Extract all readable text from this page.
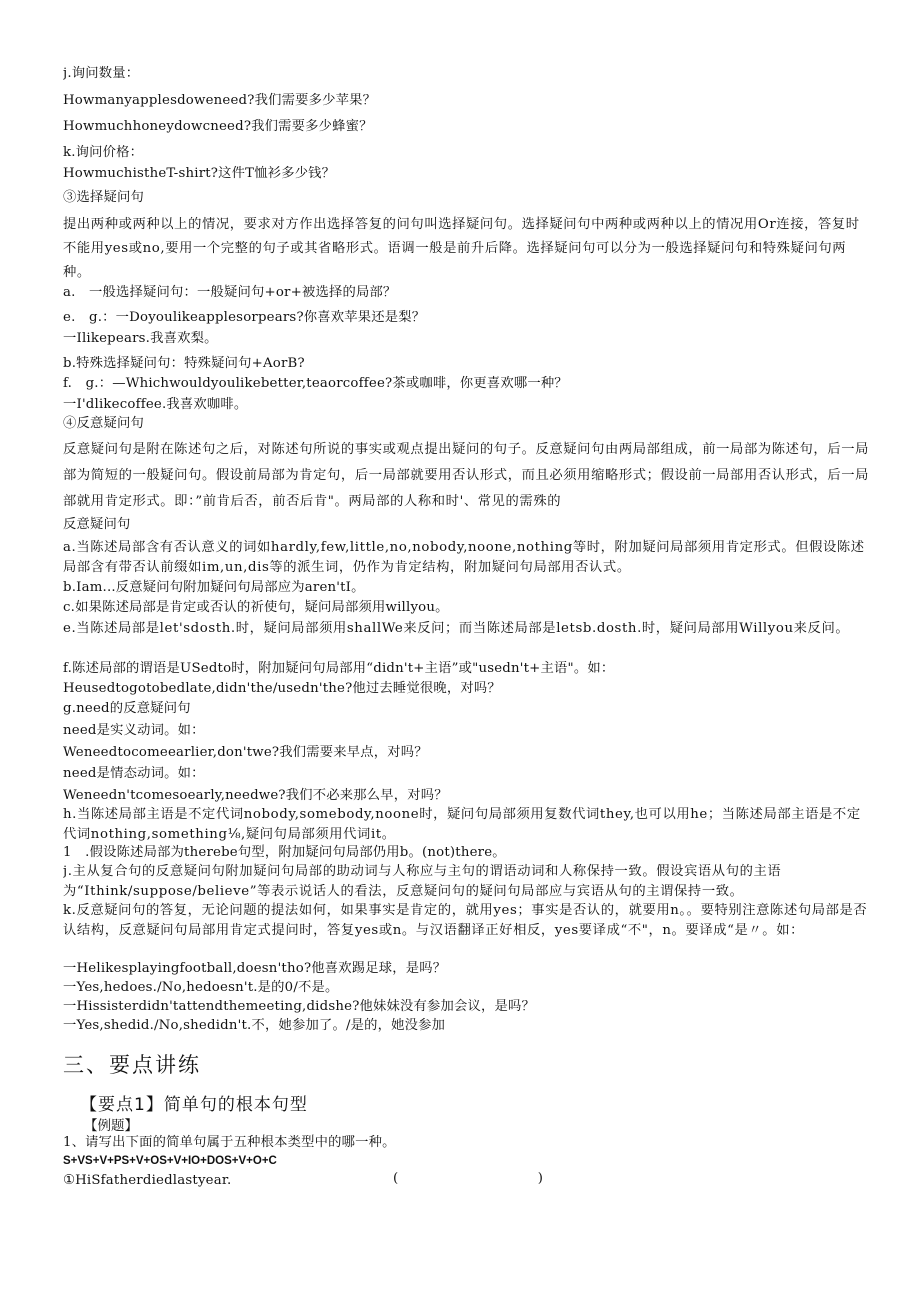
j.询问数量：
Howmanyapplesdoweneed?我们需要多少苹果？
Howmuchhoneydowcneed?我们需要多少蜂蜜？
k.询问价格：
HowmuchistheT-shirt?这件T恤衫多少钱？
③选择疑问句
提出两种或两种以上的情况，要求对方作出选择答复的问句叫选择疑问句。选择疑问句中两种或两种以上的情况用Or连接，答复时不能用yes或no,要用一个完整的句子或其省略形式。语调一般是前升后降。选择疑问句可以分为一般选择疑问句和特殊疑问句两种。
a.　一般选择疑问句：一般疑问句+or+被选择的局部？
e.　g.：一Doyoulikeapplesorpears?你喜欢苹果还是梨？
一Ilikepears.我喜欢梨。
b.特殊选择疑问句：特殊疑问句+AorB?
f.　g.：—Whichwouldyoulikebetter,teaorcoffee?茶或咖啡，你更喜欢哪一种？
一I'dlikecoffee.我喜欢咖啡。
④反意疑问句
反意疑问句是附在陈述句之后，对陈述句所说的事实或观点提出疑问的句子。反意疑问句由两局部组成，前一局部为陈述句，后一局部为简短的一般疑问句。假设前局部为肯定句，后一局部就要用否认形式，而且必须用缩略形式；假设前一局部用否认形式，后一局部就用肯定形式。即：”前肯后否，前否后肯"。两局部的人称和时'、常见的需殊的
反意疑问句
a.当陈述局部含有否认意义的词如hardly,few,little,no,nobody,noone,nothing等时，附加疑问局部须用肯定形式。但假设陈述局部含有带否认前缀如im,un,dis等的派生词，仍作为肯定结构，附加疑问句局部用否认式。
b.Iam...反意疑问句附加疑问句局部应为aren'tI。
c.如果陈述局部是肯定或否认的祈使句，疑问局部须用willyou。
e.当陈述局部是let'sdosth.时，疑问局部须用shallWe来反问；而当陈述局部是letsb.dosth.时，疑问局部用Willyou来反问。
f.陈述局部的谓语是USedto时，附加疑问句局部用“didn't+主语”或"usedn't+主语"。如：
Heusedtogotobedlate,didn'the/usedn'the?他过去睡觉很晚，对吗？
g.need的反意疑问句
need是实义动词。如：
Weneedtocomeearlier,don'twe?我们需要来早点，对吗？
need是情态动词。如：
Weneedn'tcomesoearly,needwe?我们不必来那么早，对吗？
h.当陈述局部主语是不定代词nobody,somebody,noone时，疑问句局部须用复数代词they,也可以用he；当陈述局部主语是不定代词nothing,something⅛,疑问句局部须用代词it。
1　.假设陈述局部为therebe句型，附加疑问句局部仍用b。(not)there。
j.主从复合句的反意疑问句附加疑问句局部的助动词与人称应与主句的谓语动词和人称保持一致。假设宾语从句的主语为“Ithink/suppose/believe”等表示说话人的看法，反意疑问句的疑问句局部应与宾语从句的主谓保持一致。
k.反意疑问句的答复，无论问题的提法如何，如果事实是肯定的，就用yes；事实是否认的，就要用n。。要特别注意陈述句局部是否认结构，反意疑问句局部用肯定式提问时，答复yes或n。与汉语翻译正好相反，yes要译成“不"，n。要译成“是〃。如：
一Helikesplayingfootball,doesn'tho?他喜欢踢足球，是吗？
一Yes,hedoes./No,hedoesn't.是的0/不是。
一Hissisterdidn'tattendthemeeting,didshe?他妹妹没有参加会议，是吗？
一Yes,shedid./No,shedidn't.不，她参加了。/是的，她没参加
三、要点讲练
【要点1】简单句的根本句型
【例题】
1、请写出下面的简单句属于五种根本类型中的哪一种。
S+VS+V+PS+V+OS+V+IO+DOS+V+O+C
①HiSfatherdiedlastyear.	(	)
